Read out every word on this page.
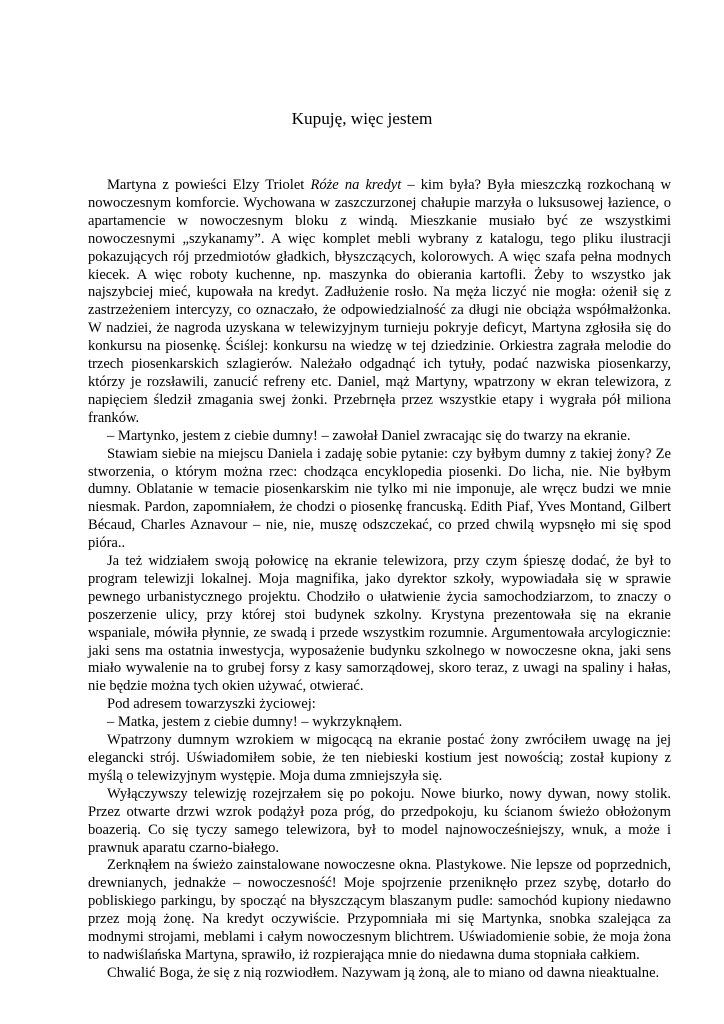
Kupuję, więc jestem

Martyna z powieści Elzy Triolet Róże na kredyt – kim była? Była mieszczką rozkochaną w nowoczesnym komforcie. Wychowana w zaszczurzonej chałupie marzyła o luksusowej łazience, o apartamencie w nowoczesnym bloku z windą. Mieszkanie musiało być ze wszystkimi nowoczesnymi „szykanamy”. A więc komplet mebli wybrany z katalogu, tego pliku ilustracji pokazujących rój przedmiotów gładkich, błyszczących, kolorowych. A więc szafa pełna modnych kiecek. A więc roboty kuchenne, np. maszynka do obierania kartofli. Żeby to wszystko jak najszybciej mieć, kupowała na kredyt. Zadłużenie rosło. Na męża liczyć nie mogła: ożenił się z zastrzeżeniem intercyzy, co oznaczało, że odpowiedzialność za długi nie obciąża współmałżonka. W nadziei, że nagroda uzyskana w telewizyjnym turnieju pokryje deficyt, Martyna zgłosiła się do konkursu na piosenkę. Ściślej: konkursu na wiedzę w tej dziedzinie. Orkiestra zagrała melodie do trzech piosenkarskich szlagierów. Należało odgadnąć ich tytuły, podać nazwiska piosenkarzy, którzy je rozsławili, zanucić refreny etc. Daniel, mąż Martyny, wpatrzony w ekran telewizora, z napięciem śledził zmagania swej żonki. Przebrnęła przez wszystkie etapy i wygrała pół miliona franków.

– Martynko, jestem z ciebie dumny! – zawołał Daniel zwracając się do twarzy na ekranie.

Stawiam siebie na miejscu Daniela i zadaję sobie pytanie: czy byłbym dumny z takiej żony? Ze stworzenia, o którym można rzec: chodząca encyklopedia piosenki. Do licha, nie. Nie byłbym dumny. Oblatanie w temacie piosenkarskim nie tylko mi nie imponuje, ale wręcz budzi we mnie niesmak. Pardon, zapomniałem, że chodzi o piosenkę francuską. Edith Piaf, Yves Montand, Gilbert Bécaud, Charles Aznavour – nie, nie, muszę odszczekać, co przed chwilą wypsnęło mi się spod pióra..

Ja też widziałem swoją połowicę na ekranie telewizora, przy czym śpieszę dodać, że był to program telewizji lokalnej. Moja magnifika, jako dyrektor szkoły, wypowiadała się w sprawie pewnego urbanistycznego projektu. Chodziło o ułatwienie życia samochodziarzom, to znaczy o poszerzenie ulicy, przy której stoi budynek szkolny. Krystyna prezentowała się na ekranie wspaniale, mówiła płynnie, ze swadą i przede wszystkim rozumnie. Argumentowała arcylogicznie: jaki sens ma ostatnia inwestycja, wyposażenie budynku szkolnego w nowoczesne okna, jaki sens miało wywalenie na to grubej forsy z kasy samorządowej, skoro teraz, z uwagi na spaliny i hałas, nie będzie można tych okien używać, otwierać.

Pod adresem towarzyszki życiowej:

– Matka, jestem z ciebie dumny! – wykrzyknąłem.

Wpatrzony dumnym wzrokiem w migocącą na ekranie postać żony zwróciłem uwagę na jej elegancki strój. Uświadomiłem sobie, że ten niebieski kostium jest nowością; został kupiony z myślą o telewizyjnym występie. Moja duma zmniejszyła się.

Wyłączywszy telewizję rozejrzałem się po pokoju. Nowe biurko, nowy dywan, nowy stolik. Przez otwarte drzwi wzrok podążył poza próg, do przedpokoju, ku ścianom świeżo obłożonym boazerią. Co się tyczy samego telewizora, był to model najnowocześniejszy, wnuk, a może i prawnuk aparatu czarno-białego.

Zerknąłem na świeżo zainstalowane nowoczesne okna. Plastykowe. Nie lepsze od poprzednich, drewnianych, jednakże – nowoczesność! Moje spojrzenie przeniknęło przez szybę, dotarło do pobliskiego parkingu, by spocząć na błyszczącym blaszanym pudle: samochód kupiony niedawno przez moją żonę. Na kredyt oczywiście. Przypomniała mi się Martynka, snobka szalejąca za modnymi strojami, meblami i całym nowoczesnym blichtrem. Uświadomienie sobie, że moja żona to nadwiślańska Martyna, sprawiło, iż rozpierająca mnie do niedawna duma stopniała całkiem.

Chwalić Boga, że się z nią rozwiodłem. Nazywam ją żoną, ale to miano od dawna nieaktualne.
